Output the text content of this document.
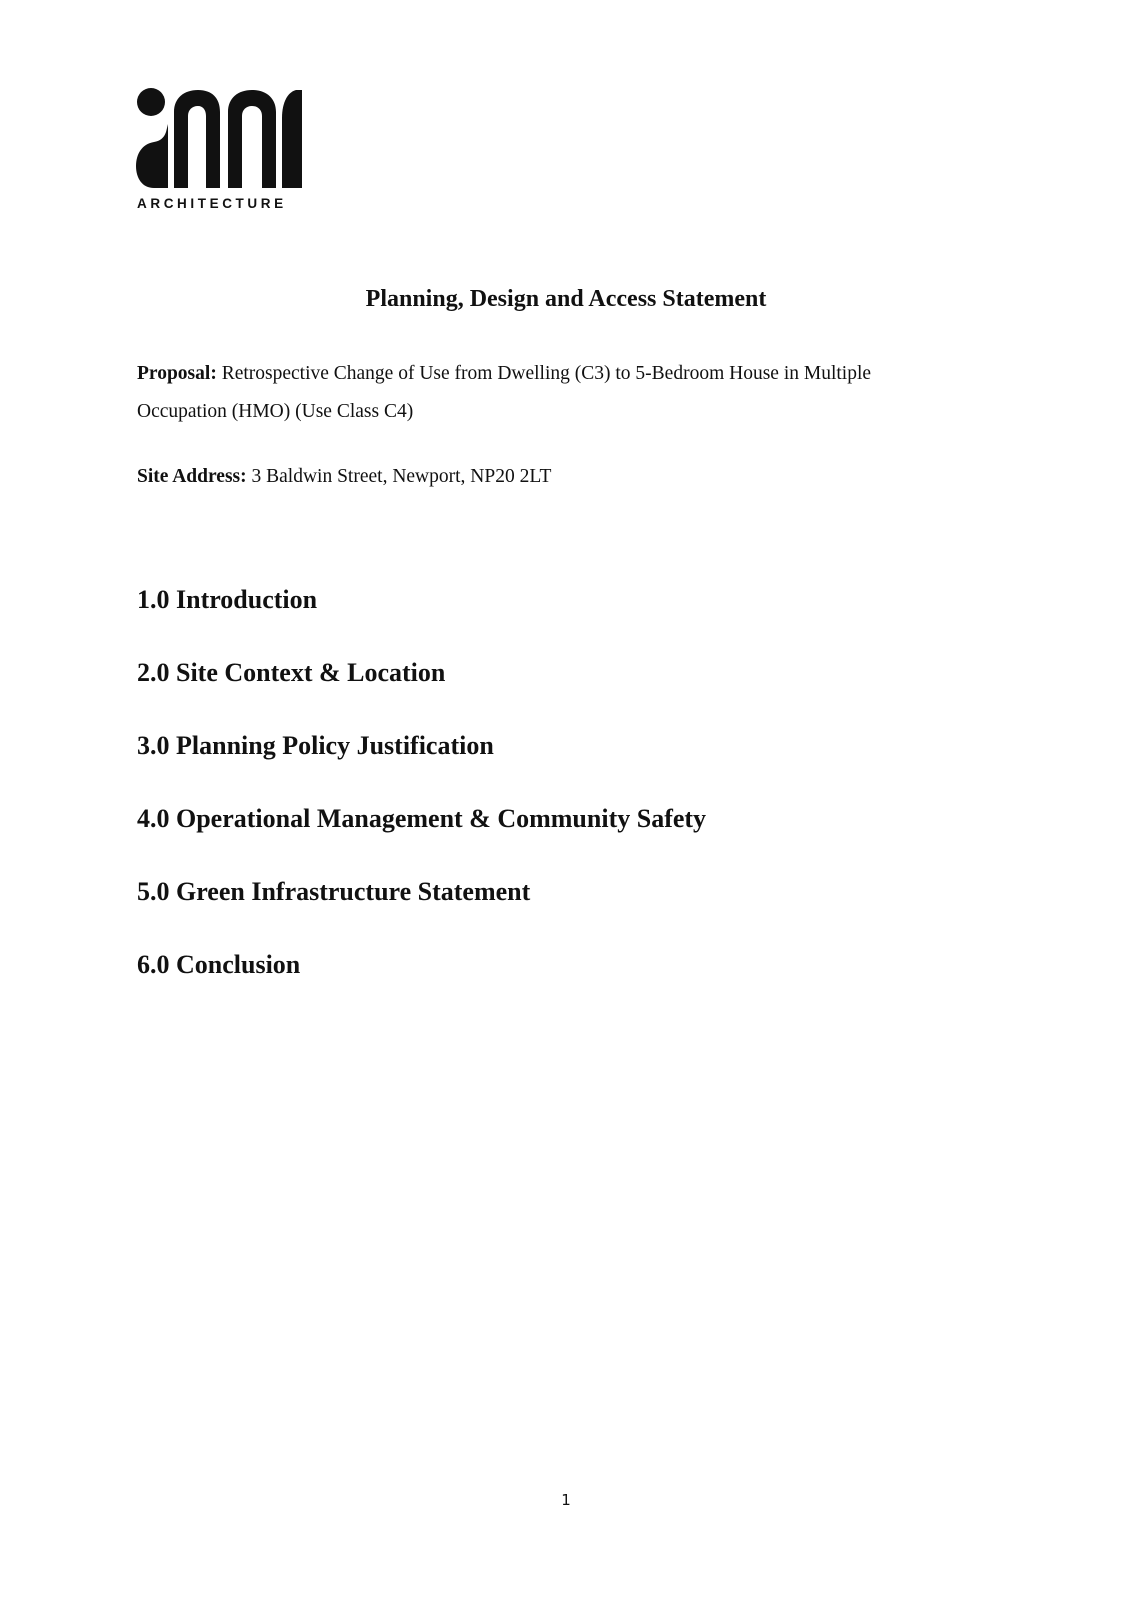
ARCHITECTURE
Planning, Design and Access Statement

Proposal: Retrospective Change of Use from Dwelling (C3) to 5-Bedroom House in Multiple Occupation (HMO) (Use Class C4)

Site Address: 3 Baldwin Street, Newport, NP20 2LT

1.0 Introduction
2.0 Site Context & Location
3.0 Planning Policy Justification
4.0 Operational Management & Community Safety
5.0 Green Infrastructure Statement
6.0 Conclusion
1
